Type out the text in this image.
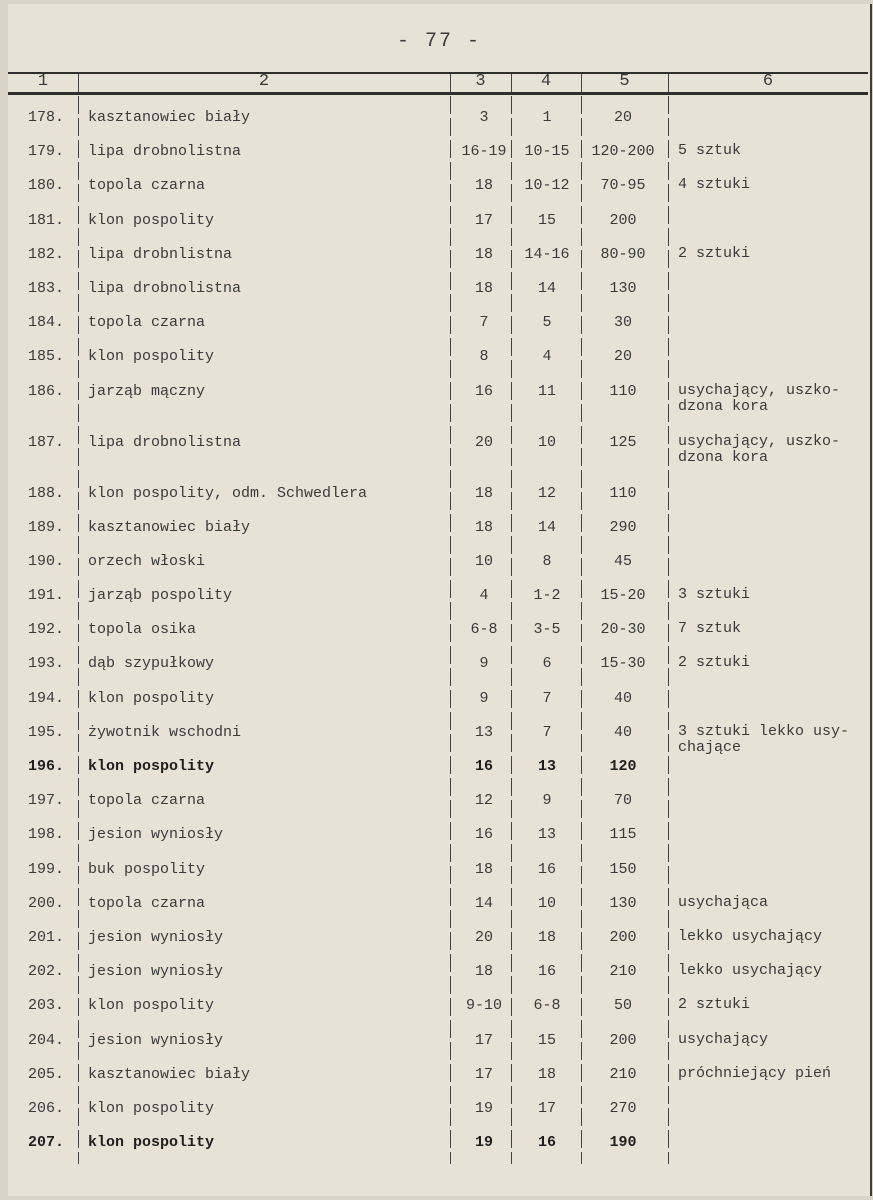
- 77 -
1	2	3	4	5	6
178. kasztanowiec biały	3	1	20
179. lipa drobnolistna	16-19	10-15	120-200	5 sztuk
180. topola czarna	18	10-12	70-95	4 sztuki
181. klon pospolity	17	15	200
182. lipa drobnlistna	18	14-16	80-90	2 sztuki
183. lipa drobnolistna	18	14	130
184. topola czarna	7	5	30
185. klon pospolity	8	4	20
186. jarząb mączny	16	11	110	usychający, uszko-dzona kora
187. lipa drobnolistna	20	10	125	usychający, uszko-dzona kora
188. klon pospolity, odm. Schwedlera	18	12	110
189. kasztanowiec biały	18	14	290
190. orzech włoski	10	8	45
191. jarząb pospolity	4	1-2	15-20	3 sztuki
192. topola osika	6-8	3-5	20-30	7 sztuk
193. dąb szypułkowy	9	6	15-30	2 sztuki
194. klon pospolity	9	7	40
195. żywotnik wschodni	13	7	40	3 sztuki lekko usy-chające
196. klon pospolity	16	13	120
197. topola czarna	12	9	70
198. jesion wyniosły	16	13	115
199. buk pospolity	18	16	150
200. topola czarna	14	10	130	usychająca
201. jesion wyniosły	20	18	200	lekko usychający
202. jesion wyniosły	18	16	210	lekko usychający
203. klon pospolity	9-10	6-8	50	2 sztuki
204. jesion wyniosły	17	15	200	usychający
205. kasztanowiec biały	17	18	210	próchniejący pień
206. klon pospolity	19	17	270
207. klon pospolity	19	16	190
